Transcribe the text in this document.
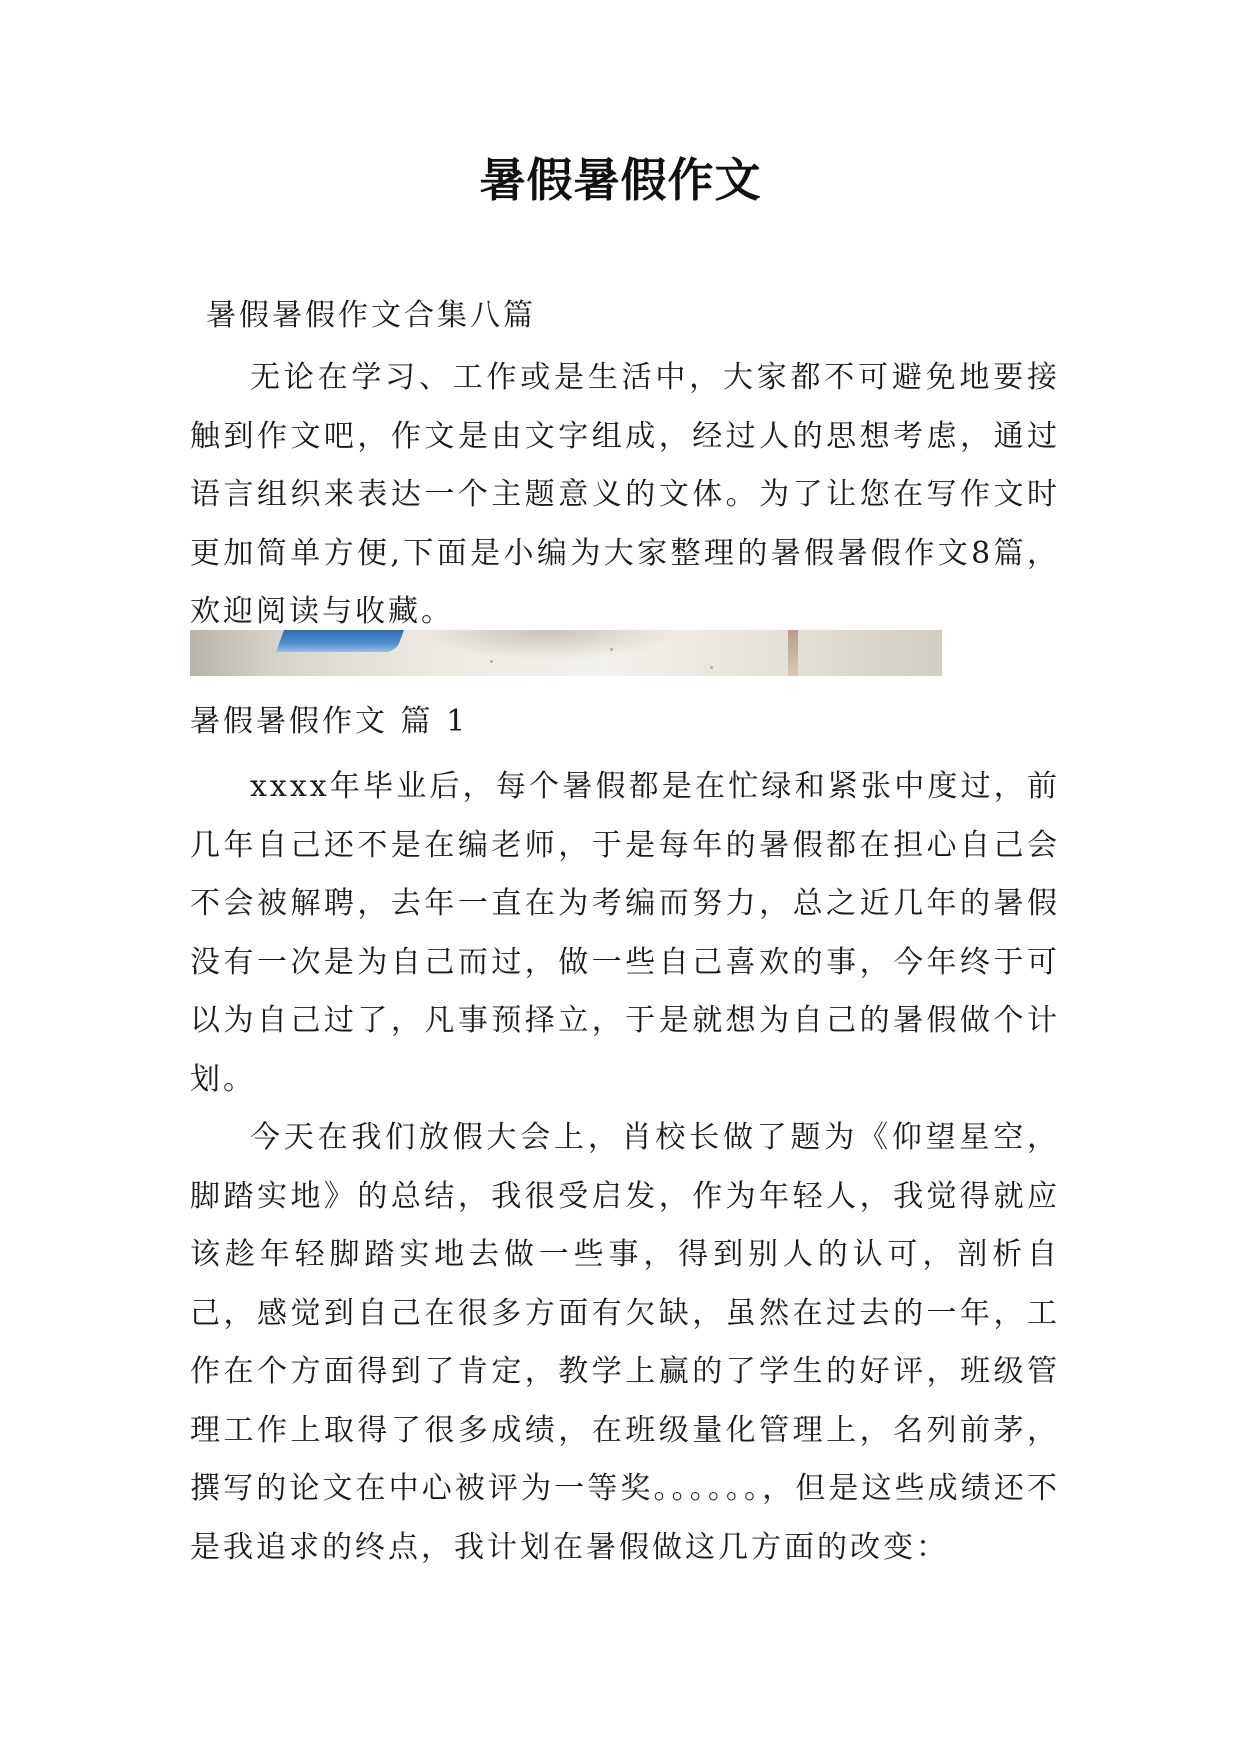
暑假暑假作文
暑假暑假作文合集八篇

无论在学习、工作或是生活中，大家都不可避免地要接触到作文吧，作文是由文字组成，经过人的思想考虑，通过语言组织来表达一个主题意义的文体。为了让您在写作文时更加简单方便,下面是小编为大家整理的暑假暑假作文8篇，欢迎阅读与收藏。

暑假暑假作文 篇 1

xxxx年毕业后，每个暑假都是在忙绿和紧张中度过，前几年自己还不是在编老师，于是每年的暑假都在担心自己会不会被解聘，去年一直在为考编而努力，总之近几年的暑假没有一次是为自己而过，做一些自己喜欢的事，今年终于可以为自己过了，凡事预择立，于是就想为自己的暑假做个计划。

今天在我们放假大会上，肖校长做了题为《仰望星空，脚踏实地》的总结，我很受启发，作为年轻人，我觉得就应该趁年轻脚踏实地去做一些事，得到别人的认可，剖析自己，感觉到自己在很多方面有欠缺，虽然在过去的一年，工作在个方面得到了肯定，教学上赢的了学生的好评，班级管理工作上取得了很多成绩，在班级量化管理上，名列前茅，撰写的论文在中心被评为一等奖。。。。。。，但是这些成绩还不是我追求的终点，我计划在暑假做这几方面的改变：
